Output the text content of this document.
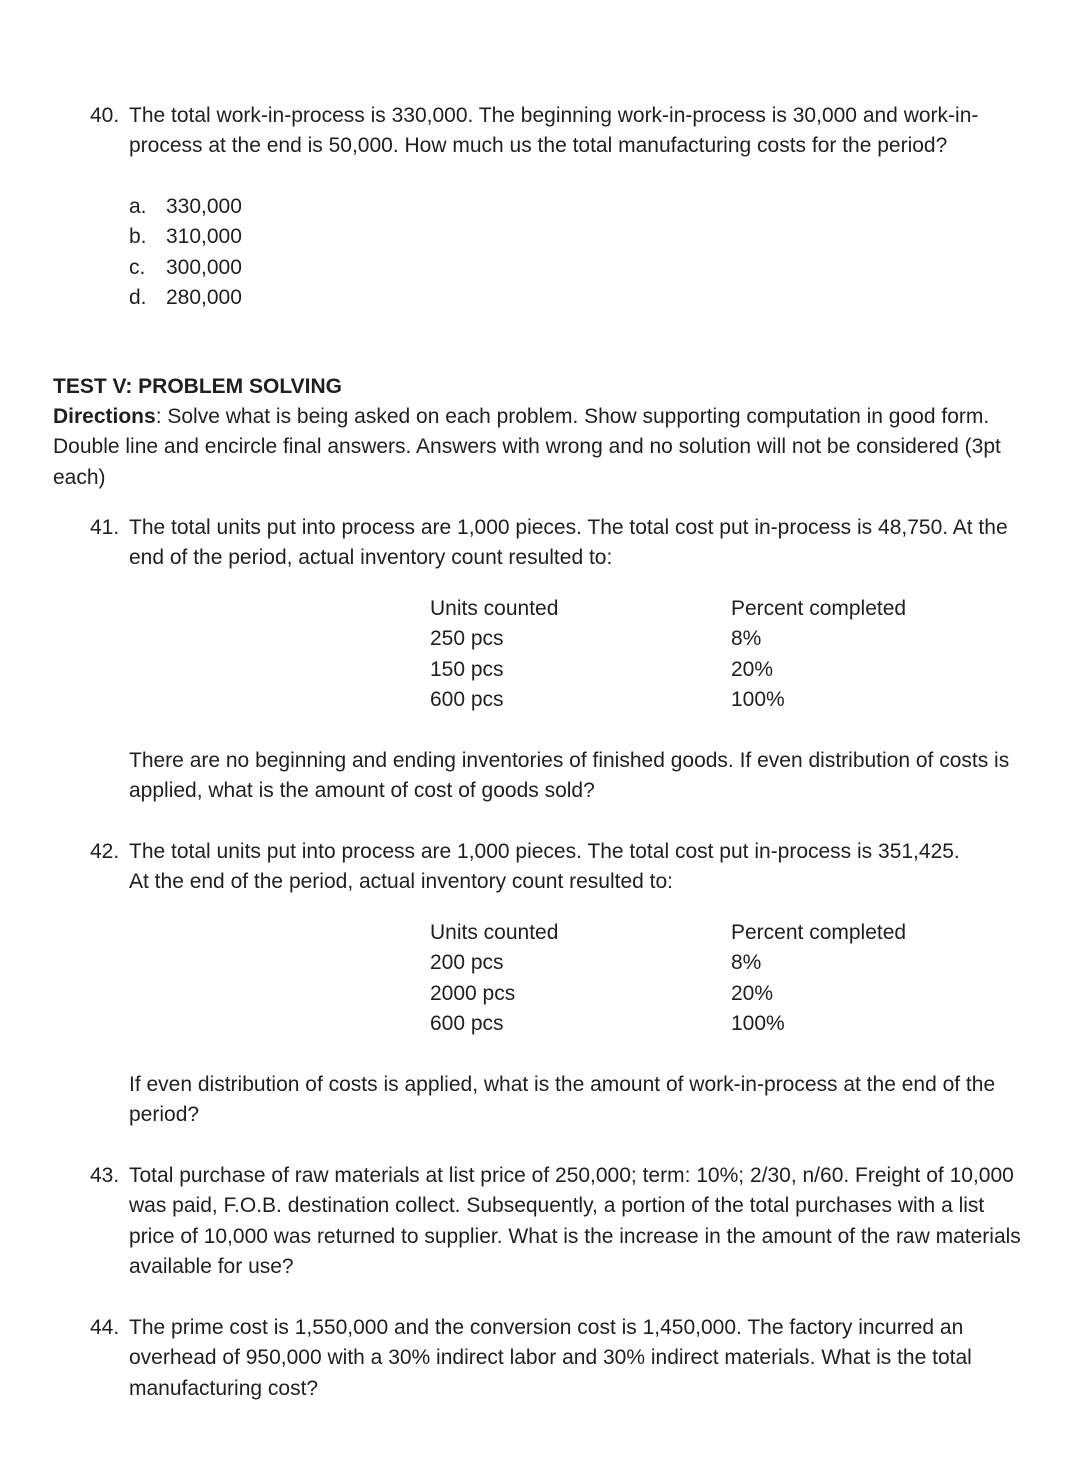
40. The total work-in-process is 330,000. The beginning work-in-process is 30,000 and work-in-process at the end is 50,000. How much us the total manufacturing costs for the period?

a. 330,000
b. 310,000
c. 300,000
d. 280,000
TEST V: PROBLEM SOLVING

Directions: Solve what is being asked on each problem. Show supporting computation in good form. Double line and encircle final answers. Answers with wrong and no solution will not be considered (3pt each)

41. The total units put into process are 1,000 pieces. The total cost put in-process is 48,750. At the end of the period, actual inventory count resulted to:

Units counted	Percent completed
250 pcs	8%
150 pcs	20%
600 pcs	100%

There are no beginning and ending inventories of finished goods. If even distribution of costs is applied, what is the amount of cost of goods sold?

42. The total units put into process are 1,000 pieces. The total cost put in-process is 351,425. At the end of the period, actual inventory count resulted to:

Units counted	Percent completed
200 pcs	8%
2000 pcs	20%
600 pcs	100%

If even distribution of costs is applied, what is the amount of work-in-process at the end of the period?

43. Total purchase of raw materials at list price of 250,000; term: 10%; 2/30, n/60. Freight of 10,000 was paid, F.O.B. destination collect. Subsequently, a portion of the total purchases with a list price of 10,000 was returned to supplier. What is the increase in the amount of the raw materials available for use?

44. The prime cost is 1,550,000 and the conversion cost is 1,450,000. The factory incurred an overhead of 950,000 with a 30% indirect labor and 30% indirect materials. What is the total manufacturing cost?
